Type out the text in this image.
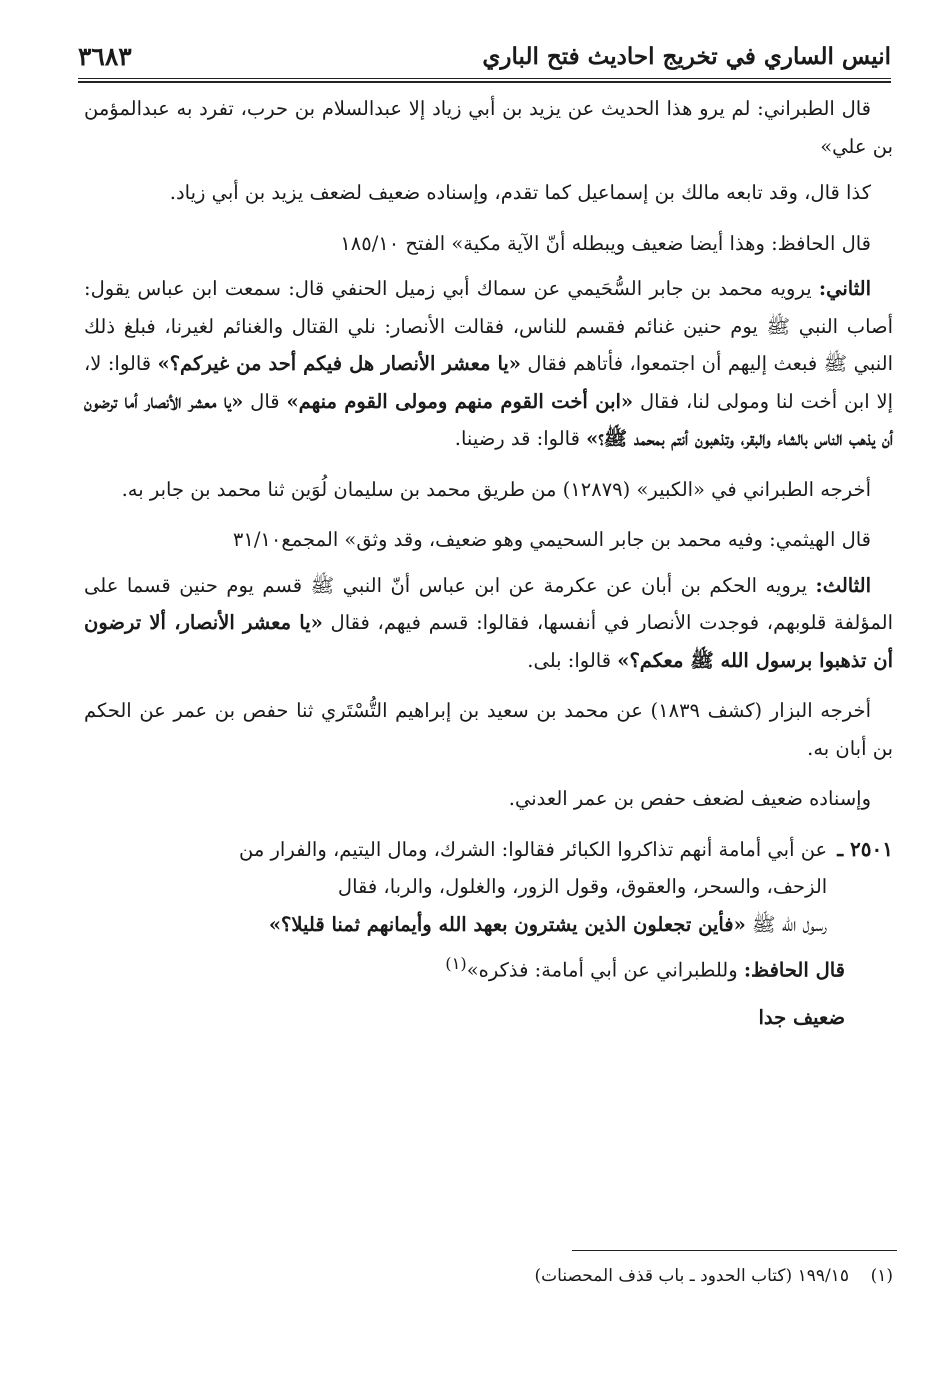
انيس الساري في تخريج احاديث فتح الباري
٣٦٨٣

قال الطبراني: لم يرو هذا الحديث عن يزيد بن أبي زياد إلا عبدالسلام بن حرب، تفرد به عبدالمؤمن بن علي»

كذا قال، وقد تابعه مالك بن إسماعيل كما تقدم، وإسناده ضعيف لضعف يزيد بن أبي زياد.

قال الحافظ: وهذا أيضا ضعيف ويبطله أنّ الآية مكية» الفتح ١٨٥/١٠

الثاني: يرويه محمد بن جابر السُّحَيمي عن سماك أبي زميل الحنفي قال: سمعت ابن عباس يقول: أصاب النبي ﷺ يوم حنين غنائم فقسم للناس، فقالت الأنصار: نلي القتال والغنائم لغيرنا، فبلغ ذلك النبي ﷺ فبعث إليهم أن اجتمعوا، فأتاهم فقال «يا معشر الأنصار هل فيكم أحد من غيركم؟» قالوا: لا، إلا ابن أخت لنا ومولى لنا، فقال «ابن أخت القوم منهم ومولى القوم منهم» قال «يا معشر الأنصار أما ترضون أن يذهب الناس بالشاء والبقر، وتذهبون أنتم بمحمد ﷺ؟» قالوا: قد رضينا.

أخرجه الطبراني في «الكبير» (١٢٨٧٩) من طريق محمد بن سليمان لُوَين ثنا محمد بن جابر به.

قال الهيثمي: وفيه محمد بن جابر السحيمي وهو ضعيف، وقد وثق» المجمع٣١/١٠

الثالث: يرويه الحكم بن أبان عن عكرمة عن ابن عباس أنّ النبي ﷺ قسم يوم حنين قسما على المؤلفة قلوبهم، فوجدت الأنصار في أنفسها، فقالوا: قسم فيهم، فقال «يا معشر الأنصار، ألا ترضون أن تذهبوا برسول الله ﷺ معكم؟» قالوا: بلى.

أخرجه البزار (كشف ١٨٣٩) عن محمد بن سعيد بن إبراهيم التُّسْتَري ثنا حفص بن عمر عن الحكم بن أبان به.

وإسناده ضعيف لضعف حفص بن عمر العدني.

٢٥٠١ ـ
عن أبي أمامة أنهم تذاكروا الكبائر فقالوا: الشرك، ومال اليتيم، والفرار من
الزحف، والسحر، والعقوق، وقول الزور، والغلول، والربا، فقال
رسول الله ﷺ «فأين تجعلون الذين يشترون بعهد الله وأيمانهم ثمنا قليلا؟»

قال الحافظ: وللطبراني عن أبي أمامة: فذكره»$^{(١)}$

ضعيف جدا
(١)    ١٩٩/١٥ (كتاب الحدود ـ باب قذف المحصنات)
